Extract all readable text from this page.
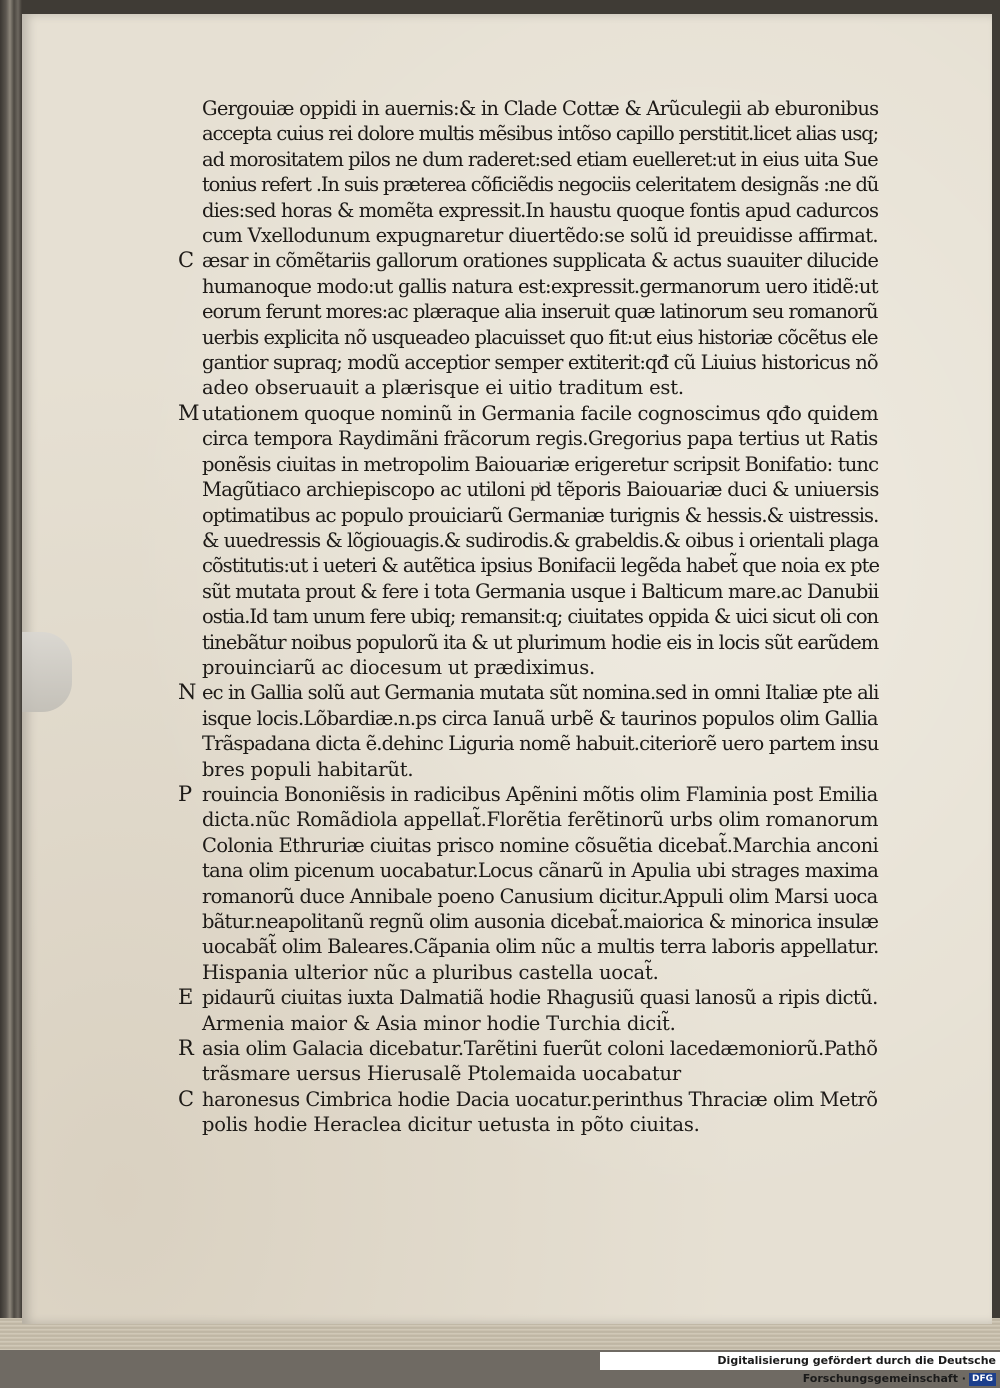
Gergouiæ oppidi in auernis:& in Clade Cottæ & Arũculegii ab eburonibus
accepta cuius rei dolore multis mẽsibus intõso capillo perstitit.licet alias usq;
ad morositatem pilos ne dum raderet:sed etiam euelleret:ut in eius uita Sue
tonius refert .In suis præterea cõficiẽdis negociis celeritatem designãs :ne dũ
dies:sed horas & momẽta expressit.In haustu quoque fontis apud cadurcos
cum Vxellodunum expugnaretur diuertẽdo:se solũ id preuidisse affirmat.
C æsar in cõmẽtariis gallorum orationes supplicata & actus suauiter dilucide
humanoque modo:ut gallis natura est:expressit.germanorum uero itidẽ:ut
eorum ferunt mores:ac plæraque alia inseruit quæ latinorum seu romanorũ
uerbis explicita nõ usqueadeo placuisset quo fit:ut eius historiæ cõcẽtus ele
gantior supraq; modũ acceptior semper extiterit:qđ cũ Liuius historicus nõ
adeo obseruauit a plærisque ei uitio traditum est.
M utationem quoque nominũ in Germania facile cognoscimus qđo quidem
circa tempora Raydimãni frãcorum regis.Gregorius papa tertius ut Ratis
ponẽsis ciuitas in metropolim Baiouariæ erigeretur scripsit Bonifatio: tunc
Magũtiaco archiepiscopo ac utiloni pͥd tẽporis Baiouariæ duci & uniuersis
optimatibus ac populo prouiciarũ Germaniæ turignis & hessis.& uistressis.
& uuedressis & lõgiouagis.& sudirodis.& grabeldis.& oibus i orientali plaga
cõstitutis:ut i ueteri & autẽtica ipsius Bonifacii legẽda habet̃ que noia ex pte
sũt mutata prout & fere i tota Germania usque i Balticum mare.ac Danubii
ostia.Id tam unum fere ubiq; remansit:q; ciuitates oppida & uici sicut oli con
tinebãtur noibus populorũ ita & ut plurimum hodie eis in locis sũt earũdem
prouinciarũ ac diocesum ut prædiximus.
N ec in Gallia solũ aut Germania mutata sũt nomina.sed in omni Italiæ pte ali
isque locis.Lõbardiæ.n.ps circa Ianuã urbẽ & taurinos populos olim Gallia
Trãspadana dicta ẽ.dehinc Liguria nomẽ habuit.citeriorẽ uero partem insu
bres populi habitarũt.
P rouincia Bononiẽsis in radicibus Apẽnini mõtis olim Flaminia post Emilia
dicta.nũc Romãdiola appellat̃.Florẽtia ferẽtinorũ urbs olim romanorum
Colonia Ethruriæ ciuitas prisco nomine cõsuẽtia dicebat̃.Marchia anconi
tana olim picenum uocabatur.Locus cãnarũ in Apulia ubi strages maxima
romanorũ duce Annibale poeno Canusium dicitur.Appuli olim Marsi uoca
bãtur.neapolitanũ regnũ olim ausonia dicebat̃.maiorica & minorica insulæ
uocabãt̃ olim Baleares.Cãpania olim nũc a multis terra laboris appellatur.
Hispania ulterior nũc a pluribus castella uocat̃.
E pidaurũ ciuitas iuxta Dalmatiã hodie Rhagusiũ quasi lanosũ a ripis dictũ.
Armenia maior & Asia minor hodie Turchia dicit̃.
R asia olim Galacia dicebatur.Tarẽtini fuerũt coloni lacedæmoniorũ.Pathõ
trãsmare uersus Hierusalẽ Ptolemaida uocabatur
C haronesus Cimbrica hodie Dacia uocatur.perinthus Thraciæ olim Metrõ
polis hodie Heraclea dicitur uetusta in põto ciuitas.
Digitalisierung gefördert durch die Deutsche Forschungsgemeinschaft · DFG
